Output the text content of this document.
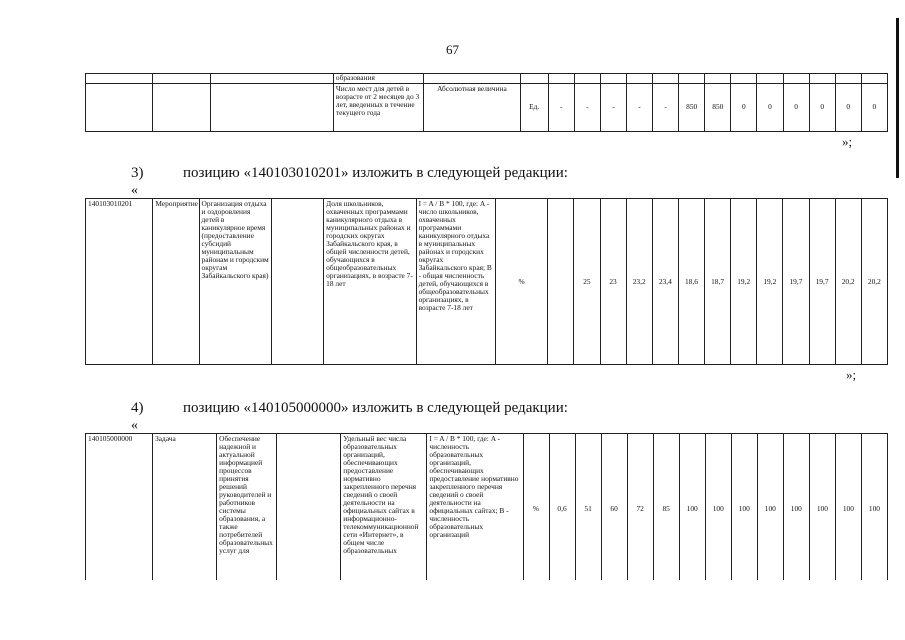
67
			образования															
			Число мест для детей в возрасте от 2 месяцев до 3 лет, введенных в течение текущего года	Абсолютная величина	Ед.	-	-	-	-	-	850	850	0	0	0	0	0	0
»;
3)	позицию «140103010201» изложить в следующей редакции:
«
140103010201	Мероприятие	Организация отдыха и оздоровления детей в каникулярное время (предоставление субсидий муниципальным районам и городским округам Забайкальского края)		Доля школьников, охваченных программами каникулярного отдыха в муниципальных районах и городских округах Забайкальского края, в общей численности детей, обучающихся в общеобразовательных организациях, в возрасте 7-18 лет	I = A / B * 100, где: A - число школьников, охваченных программами каникулярного отдыха в муниципальных районах и городских округах Забайкальского края; B - общая численность детей, обучающихся в общеобразовательных организациях, в возрасте 7-18 лет	%		25	23	23,2	23,4	18,6	18,7	19,2	19,2	19,7	19,7	20,2	20,2
»;
4)	позицию «140105000000» изложить в следующей редакции:
«
140105000000	Задача	Обеспечение надежной и актуальной информацией процессов принятия решений руководителей и работников системы образования, а также потребителей образовательных услуг для		Удельный вес числа образовательных организаций, обеспечивающих предоставление нормативно закрепленного перечня сведений о своей деятельности на официальных сайтах в информационно-телекоммуникационной сети «Интернет», в общем числе образовательных	I = A / B * 100, где: A - численность образовательных организаций, обеспечивающих предоставление нормативно закрепленного перечня сведений о своей деятельности на официальных сайтах; B - численность образовательных организаций	%	0,6	51	60	72	85	100	100	100	100	100	100	100	100
